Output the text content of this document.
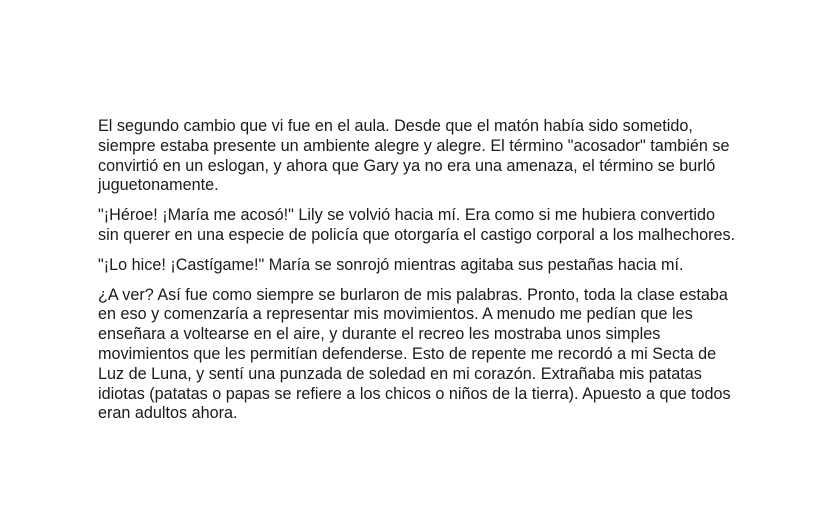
El segundo cambio que vi fue en el aula. Desde que el matón había sido sometido,
siempre estaba presente un ambiente alegre y alegre. El término "acosador" también se
convirtió en un eslogan, y ahora que Gary ya no era una amenaza, el término se burló
juguetonamente.

"¡Héroe! ¡María me acosó!" Lily se volvió hacia mí. Era como si me hubiera convertido
sin querer en una especie de policía que otorgaría el castigo corporal a los malhechores.

"¡Lo hice! ¡Castígame!" María se sonrojó mientras agitaba sus pestañas hacia mí.

¿A ver? Así fue como siempre se burlaron de mis palabras. Pronto, toda la clase estaba
en eso y comenzaría a representar mis movimientos. A menudo me pedían que les
enseñara a voltearse en el aire, y durante el recreo les mostraba unos simples
movimientos que les permitían defenderse. Esto de repente me recordó a mi Secta de
Luz de Luna, y sentí una punzada de soledad en mi corazón. Extrañaba mis patatas
idiotas (patatas o papas se refiere a los chicos o niños de la tierra). Apuesto a que todos
eran adultos ahora.
